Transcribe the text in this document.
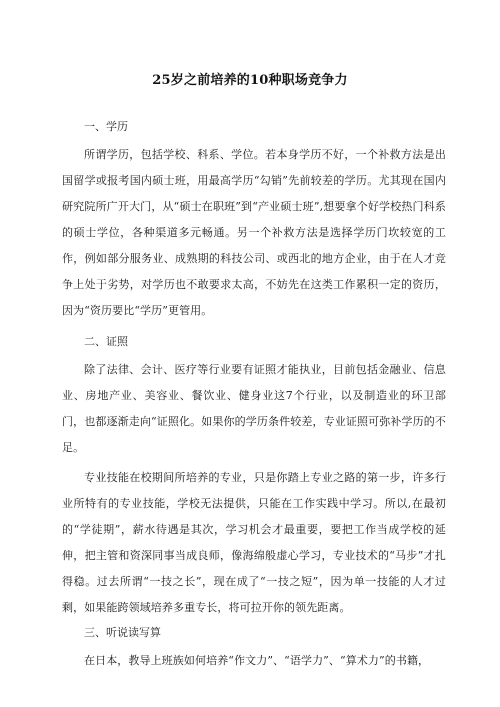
25岁之前培养的10种职场竞争力
一、学历

所谓学历，包括学校、科系、学位。若本身学历不好，一个补救方法是出国留学或报考国内硕士班，用最高学历“勾销”先前较差的学历。尤其现在国内研究院所广开大门，从“硕士在职班”到“产业硕士班”,想要拿个好学校热门科系的硕士学位，各种渠道多元畅通。另一个补救方法是选择学历门坎较宽的工作，例如部分服务业、成熟期的科技公司、或西北的地方企业，由于在人才竞争上处于劣势，对学历也不敢要求太高，不妨先在这类工作累积一定的资历，因为“资历要比“学历”更管用。

二、证照

除了法律、会计、医疗等行业要有证照才能执业，目前包括金融业、信息业、房地产业、美容业、餐饮业、健身业这7个行业，以及制造业的环卫部门，也都逐渐走向“证照化。如果你的学历条件较差，专业证照可弥补学历的不足。

专业技能在校期间所培养的专业，只是你踏上专业之路的第一步，许多行业所特有的专业技能，学校无法提供，只能在工作实践中学习。所以,在最初的“学徒期”，薪水待遇是其次，学习机会才最重要，要把工作当成学校的延伸，把主管和资深同事当成良师，像海绵般虚心学习，专业技术的“马步”才扎得稳。过去所谓“一技之长”，现在成了“一技之短”，因为单一技能的人才过剩，如果能跨领域培养多重专长，将可拉开你的领先距离。

三、听说读写算

在日本，教导上班族如何培养“作文力”、“语学力”、“算术力”的书籍，
